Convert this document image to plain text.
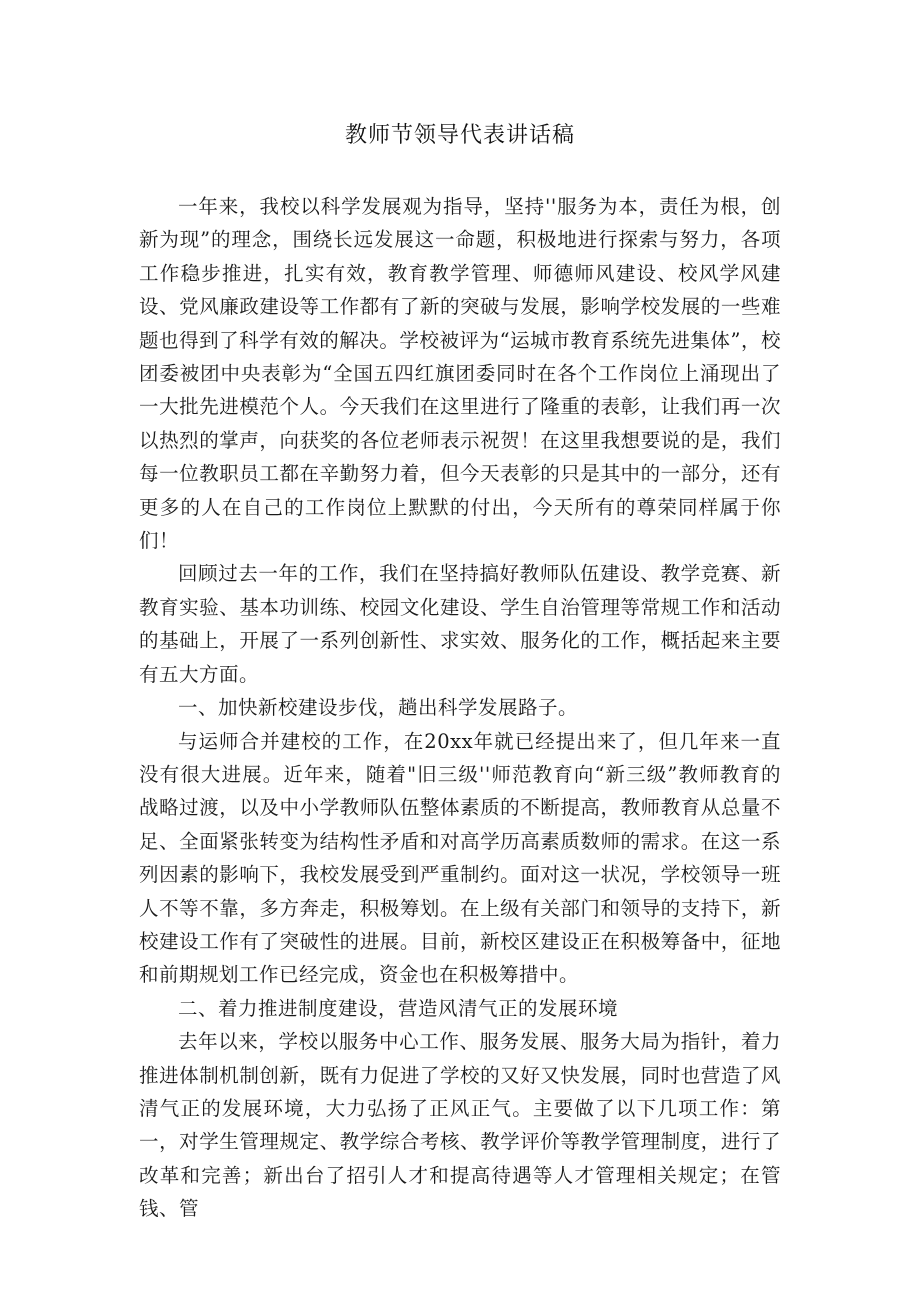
教师节领导代表讲话稿

一年来，我校以科学发展观为指导，坚持''服务为本，责任为根，创新为现”的理念，围绕长远发展这一命题，积极地进行探索与努力，各项工作稳步推进，扎实有效，教育教学管理、师德师风建设、校风学风建设、党风廉政建设等工作都有了新的突破与发展，影响学校发展的一些难题也得到了科学有效的解决。学校被评为“运城市教育系统先进集体”，校团委被团中央表彰为“全国五四红旗团委同时在各个工作岗位上涌现出了一大批先进模范个人。今天我们在这里进行了隆重的表彰，让我们再一次以热烈的掌声，向获奖的各位老师表示祝贺！在这里我想要说的是，我们每一位教职员工都在辛勤努力着，但今天表彰的只是其中的一部分，还有更多的人在自己的工作岗位上默默的付出，今天所有的尊荣同样属于你们！

回顾过去一年的工作，我们在坚持搞好教师队伍建设、教学竞赛、新教育实验、基本功训练、校园文化建设、学生自治管理等常规工作和活动的基础上，开展了一系列创新性、求实效、服务化的工作，概括起来主要有五大方面。

一、加快新校建设步伐，趟出科学发展路子。

与运师合并建校的工作，在20xx年就已经提出来了，但几年来一直没有很大进展。近年来，随着"旧三级''师范教育向“新三级”教师教育的战略过渡，以及中小学教师队伍整体素质的不断提高，教师教育从总量不足、全面紧张转变为结构性矛盾和对高学历高素质数师的需求。在这一系列因素的影响下，我校发展受到严重制约。面对这一状况，学校领导一班人不等不靠，多方奔走，积极筹划。在上级有关部门和领导的支持下，新校建设工作有了突破性的进展。目前，新校区建设正在积极筹备中，征地和前期规划工作已经完成，资金也在积极筹措中。

二、着力推进制度建设，营造风清气正的发展环境

去年以来，学校以服务中心工作、服务发展、服务大局为指针，着力推进体制机制创新，既有力促进了学校的又好又快发展，同时也营造了风清气正的发展环境，大力弘扬了正风正气。主要做了以下几项工作：第一，对学生管理规定、教学综合考核、教学评价等教学管理制度，进行了改革和完善；新出台了招引人才和提高待遇等人才管理相关规定；在管钱、管
